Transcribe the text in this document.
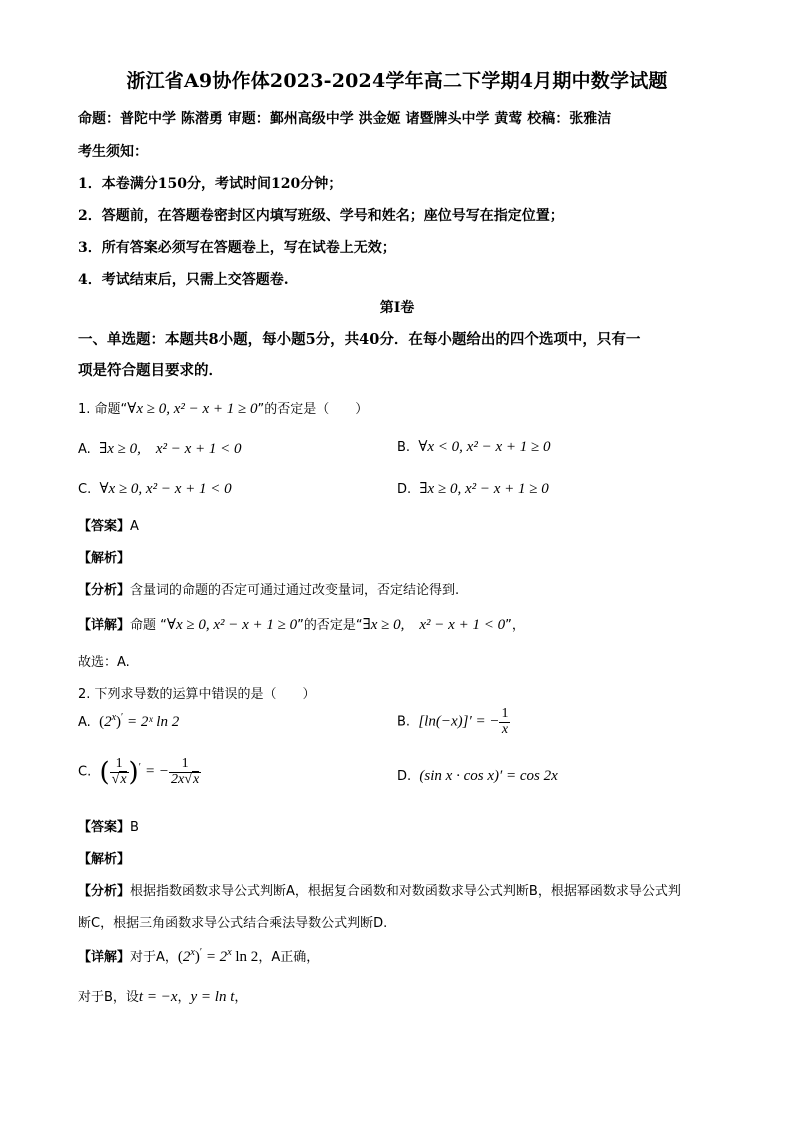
浙江省A9协作体2023-2024学年高二下学期4月期中数学试题
命题：普陀中学 陈潜勇 审题：鄞州高级中学 洪金姬 诸暨牌头中学 黄莺 校稿：张雅洁
考生须知：
1．本卷满分150分，考试时间120分钟；
2．答题前，在答题卷密封区内填写班级、学号和姓名；座位号写在指定位置；
3．所有答案必须写在答题卷上，写在试卷上无效；
4．考试结束后，只需上交答题卷.
第Ⅰ卷
一、单选题：本题共8小题，每小题5分，共40分．在每小题给出的四个选项中，只有一
项是符合题目要求的．
1. 命题“∀x ≥ 0, x² − x + 1 ≥ 0”的否定是（　　）
A. ∃x ≥ 0,　x² − x + 1 < 0	B. ∀x < 0, x² − x + 1 ≥ 0
C. ∀x ≥ 0, x² − x + 1 < 0	D. ∃x ≥ 0, x² − x + 1 ≥ 0
【答案】A
【解析】
【分析】含量词的命题的否定可通过通过改变量词，否定结论得到.
【详解】命题 “∀x ≥ 0, x² − x + 1 ≥ 0”的否定是“∃x ≥ 0,　x² − x + 1 < 0”，
故选：A.
2. 下列求导数的运算中错误的是（　　）
A. $(2^x)'$ = 2ˣ ln 2	B. [ln(−x)]′ = − $\frac{1}{x}$
C. ( $\frac{1}{√x} )'$ = − $\frac{1}{2x√x}$	D. (sin x · cos x)′ = cos 2x
【答案】B
【解析】
【分析】根据指数函数求导公式判断A，根据复合函数和对数函数求导公式判断B，根据幂函数求导公式判
断C，根据三角函数求导公式结合乘法导数公式判断D.
【详解】对于A，$(2^x)' = 2^x$ ln 2，A正确，
对于B，设t = −x，y = ln t，
